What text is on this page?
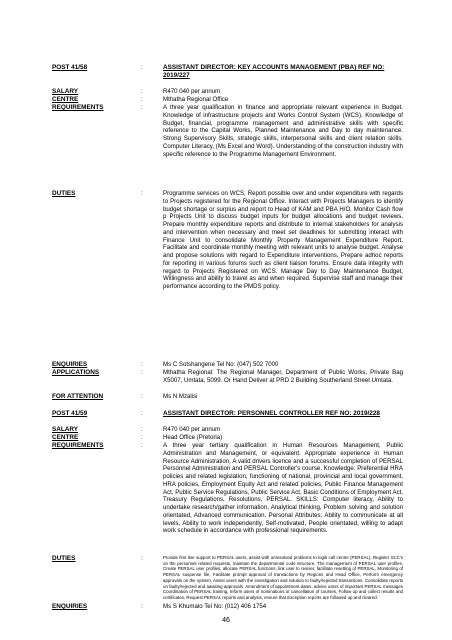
POST 41/58	:	ASSISTANT DIRECTOR: KEY ACCOUNTS MANAGEMENT (PBA) REF NO: 2019/227
SALARY	:	R470 040 per annum
CENTRE	:	Mthatha Regional Office
REQUIREMENTS	:	A three year qualification in finance and appropriate relevant experience in Budget. Knowledge of infrastructure projects and Works Control System (WCS). Knowledge of Budget, financial, programme management and administrative skills with specific reference to the Capital Works, Planned Maintenance and Day to day maintenance. Strong Supervisory Skills, strategic skills, interpersonal skills and client relation skills. Computer Literacy, (Ms Excel and Word). Understanding of the construction industry with specific reference to the Programme Management Environment.
DUTIES	:	Programme services on WCS, Report possible over and under expenditure with regards to Projects registered for the Regional Office. Interact with Projects Managers to identify budget shortage or surplus and report to Head of KAM and PBA H/O. Monitor Cash flow p Projects Unit to discuss budget inputs for budget allocations and budget reviews, Prepare monthly expenditure reports and distribute to internal stakeholders for analysis and intervention when necessary and meet set deadlines for submitting interact with Finance Unit to consolidate Monthly Property Management Expenditure Report. Facilitate and coordinate monthly meeting with relevant units to analyse budget. Analyse and propose solutions with regard to Expenditure interventions. Prepare adhoc reports for reporting in various forums such as client liaison forums. Ensure data integrity with regard to Projects Registered on WCS. Manage Day to Day Maintenance Budget, Willingness and ability to travel as and when required. Supervise staff and manage their performance according to the PMDS policy.
ENQUIRIES	:	Ms C Sotshangene Tel No: (047) 502 7000
APPLICATIONS	:	Mthatha Regional: The Regional Manager, Department of Public Works, Private Bag X5007, Umtata, 5099. Or Hand Deliver at PRD 2 Building Southerland Street Umtata.
FOR ATTENTION	:	Ms N Mzalisi
POST 41/59	:	ASSISTANT DIRECTOR: PERSONNEL CONTROLLER REF NO: 2019/228
SALARY	:	R470 040 per annum
CENTRE	:	Head Office (Pretoria)
REQUIREMENTS	:	A three year tertiary qualification in Human Resources Management, Public Administration and Management, or equivalent. Appropriate experience in Human Resource Administration, A valid drivers licence and a successful completion of PERSAL Personnel Administration and PERSAL Controller's course. Knowledge: Preferential HRA policies and related legislation, functioning of national, provincial and local government, HRA policies, Employment Equity Act and related policies, Public Finance Management Act, Public Service Regulations, Public Service Act, Basic Conditions of Employment Act, Treasury Regulations, Resolutions, PERSAL. SKILLS: Computer literacy, Ability to undertake research/gather information, Analytical thinking, Problem solving and solution orientated, Advanced communication. Personal Attributes: Ability to communicate at all levels, Ability to work independently, Self-motivated, People orientated, willing to adapt work schedule in accordance with professional requirements.
DUTIES	:	Provide first line support to PERSAL users, assist with unresolved problems to logik call centre (PERSAL), Register SCC's on the personnel related requests, maintain the departmental code structure, The management of PERSAL user profiles, Create PERSAL user profiles, allocate PERSAL functions, link user to reviser, facilitate resetting of PERSAL, Monitoring of PERSAL suspense file, Facilitate prompt approval of transactions by Regions and Head Office, Perform emergency approvals on the system, Assist users with the investigation and solution to faulty/rejected transactions. Consolidate reports on faulty/rejected and awaiting approvals. Amendment of appointment dates, advice users of important PERSAL messages Coordination of PERSAL training, Inform users of nominations or cancellation of courses, Follow up and collect results and certificates, Request PERSAL reports and analysis, ensure that Exception reports are followed up and cleared.
ENQUIRIES	:	Ms S Khumalo Tel No: (012) 406 1754
46
